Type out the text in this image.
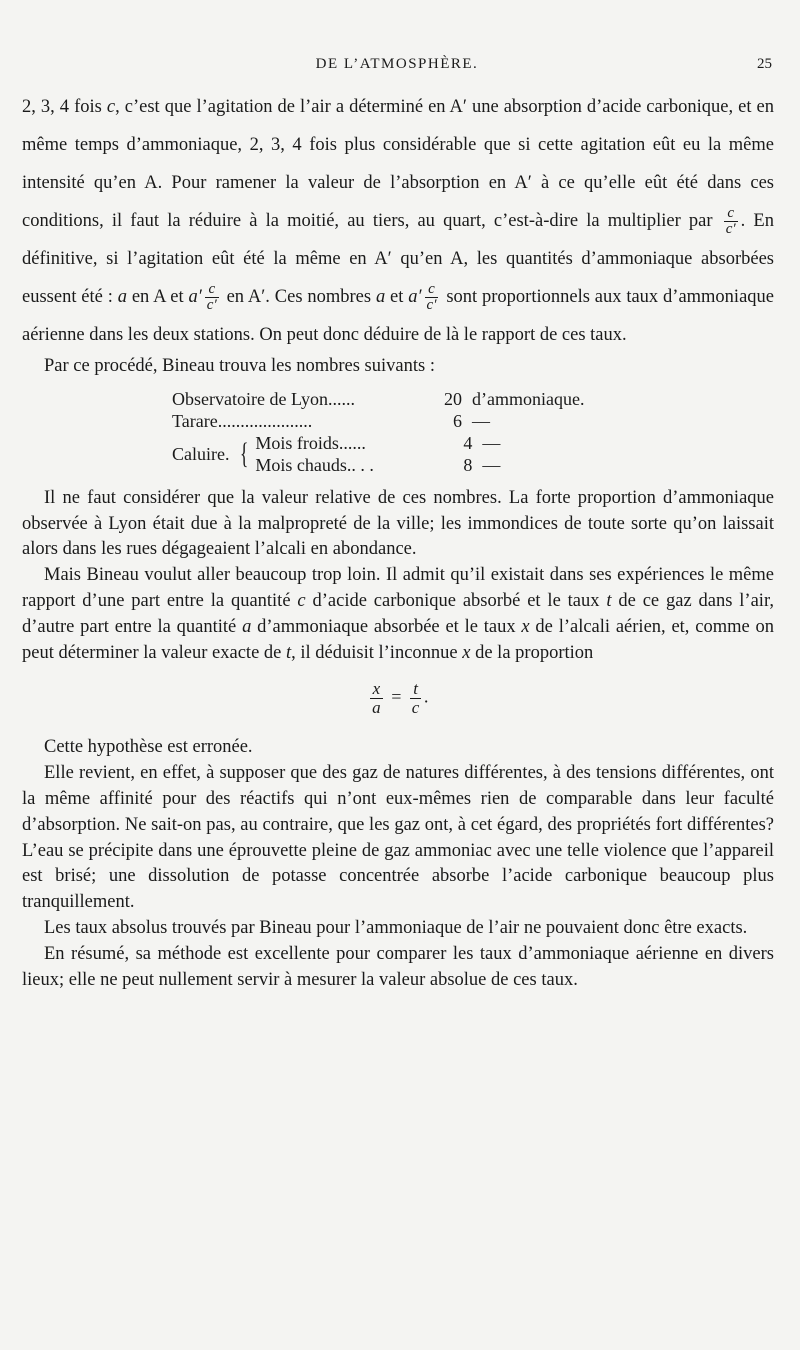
DE L’ATMOSPHÈRE.	25

2, 3, 4 fois c, c’est que l’agitation de l’air a déterminé en A′ une absorption d’acide carbonique, et en même temps d’ammoniaque, 2, 3, 4 fois plus considérable que si cette agitation eût eu la même intensité qu’en A. Pour ramener la valeur de l’absorption en A′ à ce qu’elle eût été dans ces conditions, il faut la réduire à la moitié, au tiers, au quart, c’est-à-dire la multiplier par $\frac{c}{c'}$ . En définitive, si l’agitation eût été la même en A′ qu’en A, les quantités d’ammoniaque absorbées eussent été : a en A et $a' \frac{c}{c'}$ en A′. Ces nombres a et $a' \frac{c}{c'}$ sont proportionnels aux taux d’ammoniaque aérienne dans les deux stations. On peut donc déduire de là le rapport de ces taux.

Par ce procédé, Bineau trouva les nombres suivants :

Observatoire de Lyon......	20 d’ammoniaque.
Tarare.....................	6 —
Caluire. { Mois froids......	4 —
Mois chauds.. . .	8 —

Il ne faut considérer que la valeur relative de ces nombres. La forte proportion d’ammoniaque observée à Lyon était due à la malpropreté de la ville; les immondices de toute sorte qu’on laissait alors dans les rues dégageaient l’alcali en abondance.

Mais Bineau voulut aller beaucoup trop loin. Il admit qu’il existait dans ses expériences le même rapport d’une part entre la quantité c d’acide carbonique absorbé et le taux t de ce gaz dans l’air, d’autre part entre la quantité a d’ammoniaque absorbée et le taux x de l’alcali aérien, et, comme on peut déterminer la valeur exacte de t, il déduisit l’inconnue x de la proportion

$\frac{x}{a} = \frac{t}{c}$ .

Cette hypothèse est erronée.

Elle revient, en effet, à supposer que des gaz de natures différentes, à des tensions différentes, ont la même affinité pour des réactifs qui n’ont eux-mêmes rien de comparable dans leur faculté d’absorption. Ne sait-on pas, au contraire, que les gaz ont, à cet égard, des propriétés fort différentes? L’eau se précipite dans une éprouvette pleine de gaz ammoniac avec une telle violence que l’appareil est brisé; une dissolution de potasse concentrée absorbe l’acide carbonique beaucoup plus tranquillement.

Les taux absolus trouvés par Bineau pour l’ammoniaque de l’air ne pouvaient donc être exacts.

En résumé, sa méthode est excellente pour comparer les taux d’ammoniaque aérienne en divers lieux; elle ne peut nullement servir à mesurer la valeur absolue de ces taux.
